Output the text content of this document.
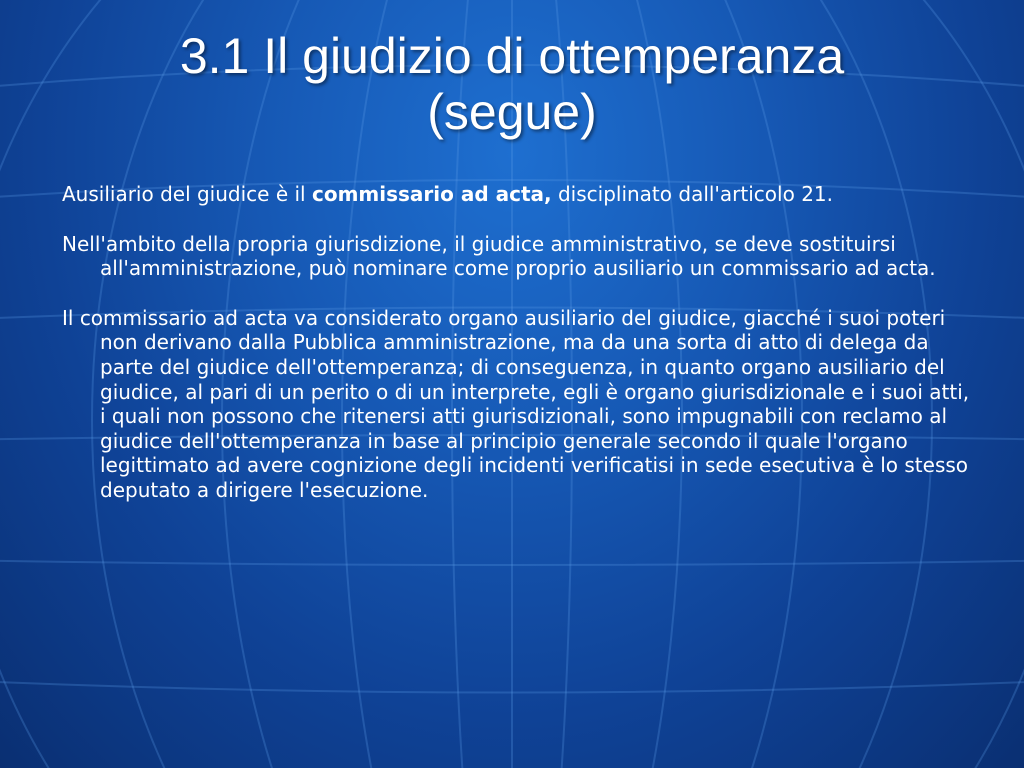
3.1 Il giudizio di ottemperanza
(segue)

Ausiliario del giudice è il commissario ad acta, disciplinato dall'articolo 21.

Nell'ambito della propria giurisdizione, il giudice amministrativo, se deve sostituirsi all'amministrazione, può nominare come proprio ausiliario un commissario ad acta.

Il commissario ad acta va considerato organo ausiliario del giudice, giacché i suoi poteri non derivano dalla Pubblica amministrazione, ma da una sorta di atto di delega da parte del giudice dell'ottemperanza; di conseguenza, in quanto organo ausiliario del giudice, al pari di un perito o di un interprete, egli è organo giurisdizionale e i suoi atti, i quali non possono che ritenersi atti giurisdizionali, sono impugnabili con reclamo al giudice dell'ottemperanza in base al principio generale secondo il quale l'organo legittimato ad avere cognizione degli incidenti verificatisi in sede esecutiva è lo stesso deputato a dirigere l'esecuzione.
